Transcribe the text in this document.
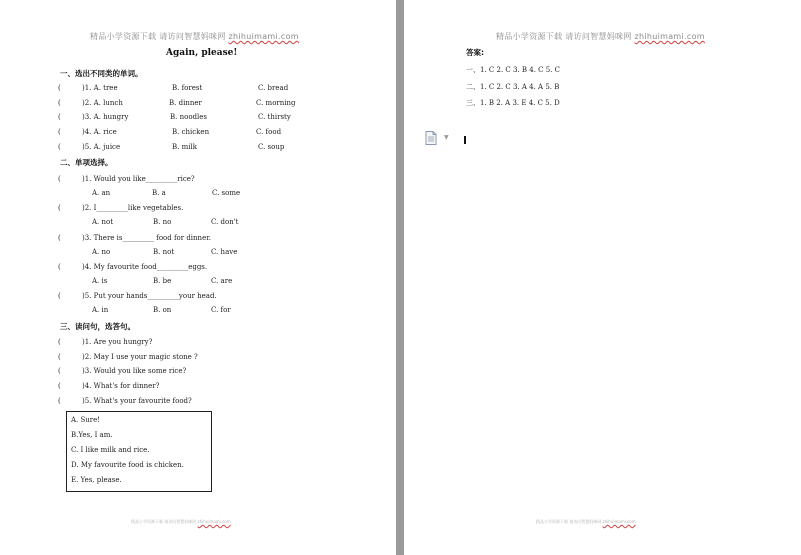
精品小学资源下载 请访问智慧妈咪网 zhihuimami.com
Again, please!
一、选出不同类的单词。
(	)1. A. tree	B. forest	C. bread
(	)2. A. lunch	B. dinner	C. morning
(	)3. A. hungry	B. noodles	C. thirsty
(	)4. A. rice	B. chicken	C. food
(	)5. A. juice	B. milk	C. soup
二、单项选择。
(	)1. Would you like_________rice?
A. an	B. a	C. some
(	)2. I_________like vegetables.
A. not	B. no	C. don't
(	)3. There is_________ food for dinner.
A. no	B. not	C. have
(	)4. My favourite food_________eggs.
A. is	B. be	C. are
(	)5. Put your hands_________your head.
A. in	B. on	C. for
三、读问句，选答句。
(	)1. Are you hungry?
(	)2. May I use your magic stone ?
(	)3. Would you like some rice?
(	)4. What's for dinner?
(	)5. What's your favourite food?
A. Sure!
B.Yes, I am.
C. I like milk and rice.
D. My favourite food is chicken.
E. Yes, please.
精品小学资源下载 请访问智慧妈咪网 zhihuimami.com
精品小学资源下载 请访问智慧妈咪网 zhihuimami.com
答案:
一、1. C 2. C 3. B 4. C 5. C
二、1. C 2. C 3. A 4. A 5. B
三、1. B 2. A 3. E 4. C 5. D
▼
精品小学资源下载 请访问智慧妈咪网 zhihuimami.com
